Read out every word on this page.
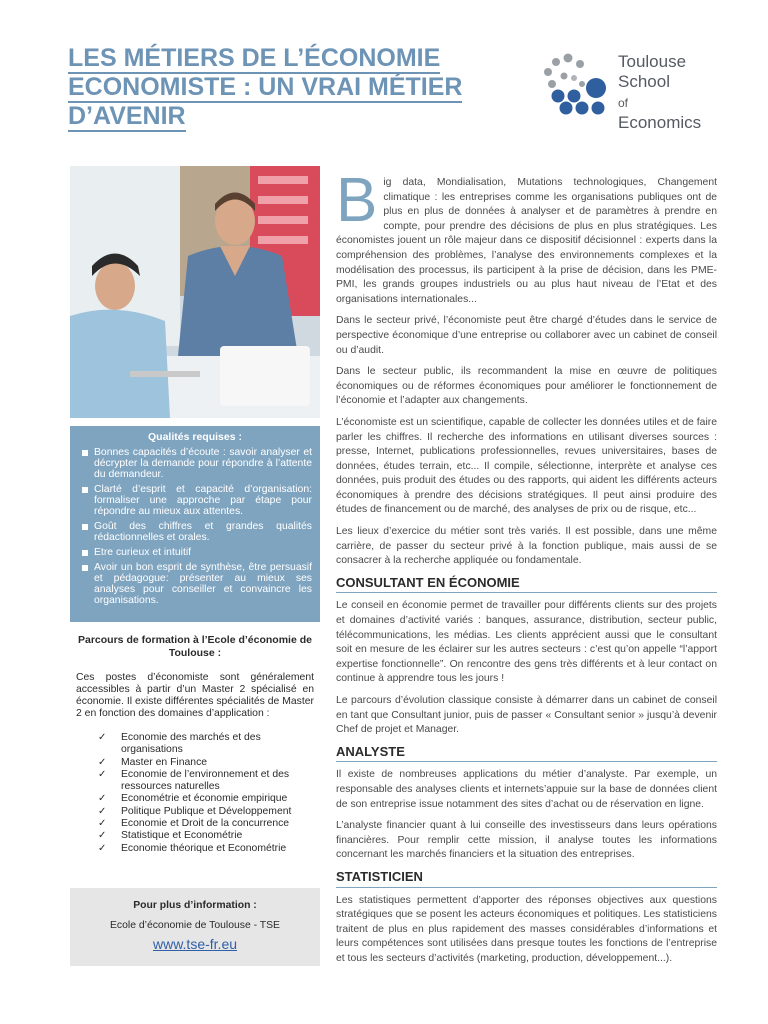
LES MÉTIERS DE L’ÉCONOMIE
ECONOMISTE : UN VRAI MÉTIER
D’AVENIR
Toulouse
School
of Economics
Qualités requises :
Bonnes capacités d’écoute : savoir analyser et décrypter la demande pour répondre à l’attente du demandeur.
Clarté d’esprit et capacité d’organisation: formaliser une approche par étape pour répondre au mieux aux attentes.
Goût des chiffres et grandes qualités rédactionnelles et orales.
Etre curieux et intuitif
Avoir un bon esprit de synthèse, être persuasif et pédagogue: présenter au mieux ses analyses pour conseiller et convaincre les organisations.
Parcours de formation à l’Ecole d’économie de Toulouse :

Ces postes d’économiste sont généralement accessibles à partir d’un Master 2 spécialisé en économie. Il existe différentes spécialités de Master 2 en fonction des domaines d’application :

✓ Economie des marchés et des organisations
✓ Master en Finance
✓ Economie de l’environnement et des ressources naturelles
✓ Econométrie et économie empirique
✓ Politique Publique et Développement
✓ Economie et Droit de la concurrence
✓ Statistique et Econométrie
✓ Economie théorique et Econométrie
Pour plus d’information :
Ecole d’économie de Toulouse - TSE
www.tse-fr.eu

Big data, Mondialisation, Mutations technologiques, Changement climatique : les entreprises comme les organisations publiques ont de plus en plus de données à analyser et de paramètres à prendre en compte, pour prendre des décisions de plus en plus stratégiques. Les économistes jouent un rôle majeur dans ce dispositif décisionnel : experts dans la compréhension des problèmes, l’analyse des environnements complexes et la modélisation des processus, ils participent à la prise de décision, dans les PME-PMI, les grands groupes industriels ou au plus haut niveau de l’Etat et des organisations internationales...

Dans le secteur privé, l’économiste peut être chargé d’études dans le service de perspective économique d’une entreprise ou collaborer avec un cabinet de conseil ou d’audit.

Dans le secteur public, ils recommandent la mise en œuvre de politiques économiques ou de réformes économiques pour améliorer le fonctionnement de l’économie et l’adapter aux changements.

L’économiste est un scientifique, capable de collecter les données utiles et de faire parler les chiffres. Il recherche des informations en utilisant diverses sources : presse, Internet, publications professionnelles, revues universitaires, bases de données, études terrain, etc... Il compile, sélectionne, interprète et analyse ces données, puis produit des études ou des rapports, qui aident les différents acteurs économiques à prendre des décisions stratégiques. Il peut ainsi produire des études de financement ou de marché, des analyses de prix ou de risque, etc...

Les lieux d’exercice du métier sont très variés. Il est possible, dans une même carrière, de passer du secteur privé à la fonction publique, mais aussi de se consacrer à la recherche appliquée ou fondamentale.

CONSULTANT EN ÉCONOMIE

Le conseil en économie permet de travailler pour différents clients sur des projets et domaines d’activité variés : banques, assurance, distribution, secteur public, télécommunications, les médias. Les clients apprécient aussi que le consultant soit en mesure de les éclairer sur les autres secteurs : c’est qu’on appelle “l’apport expertise fonctionnelle”. On rencontre des gens très différents et à leur contact on continue à apprendre tous les jours !

Le parcours d’évolution classique consiste à démarrer dans un cabinet de conseil en tant que Consultant junior, puis de passer « Consultant senior » jusqu’à devenir Chef de projet et Manager.

ANALYSTE

Il existe de nombreuses applications du métier d’analyste. Par exemple, un responsable des analyses clients et internets’appuie sur la base de données client de son entreprise issue notamment des sites d’achat ou de réservation en ligne.

L’analyste financier quant à lui conseille des investisseurs dans leurs opérations financières. Pour remplir cette mission, il analyse toutes les informations concernant les marchés financiers et la situation des entreprises.

STATISTICIEN

Les statistiques permettent d’apporter des réponses objectives aux questions stratégiques que se posent les acteurs économiques et politiques. Les statisticiens traitent de plus en plus rapidement des masses considérables d’informations et leurs compétences sont utilisées dans presque toutes les fonctions de l’entreprise et tous les secteurs d’activités (marketing, production, développement...).
